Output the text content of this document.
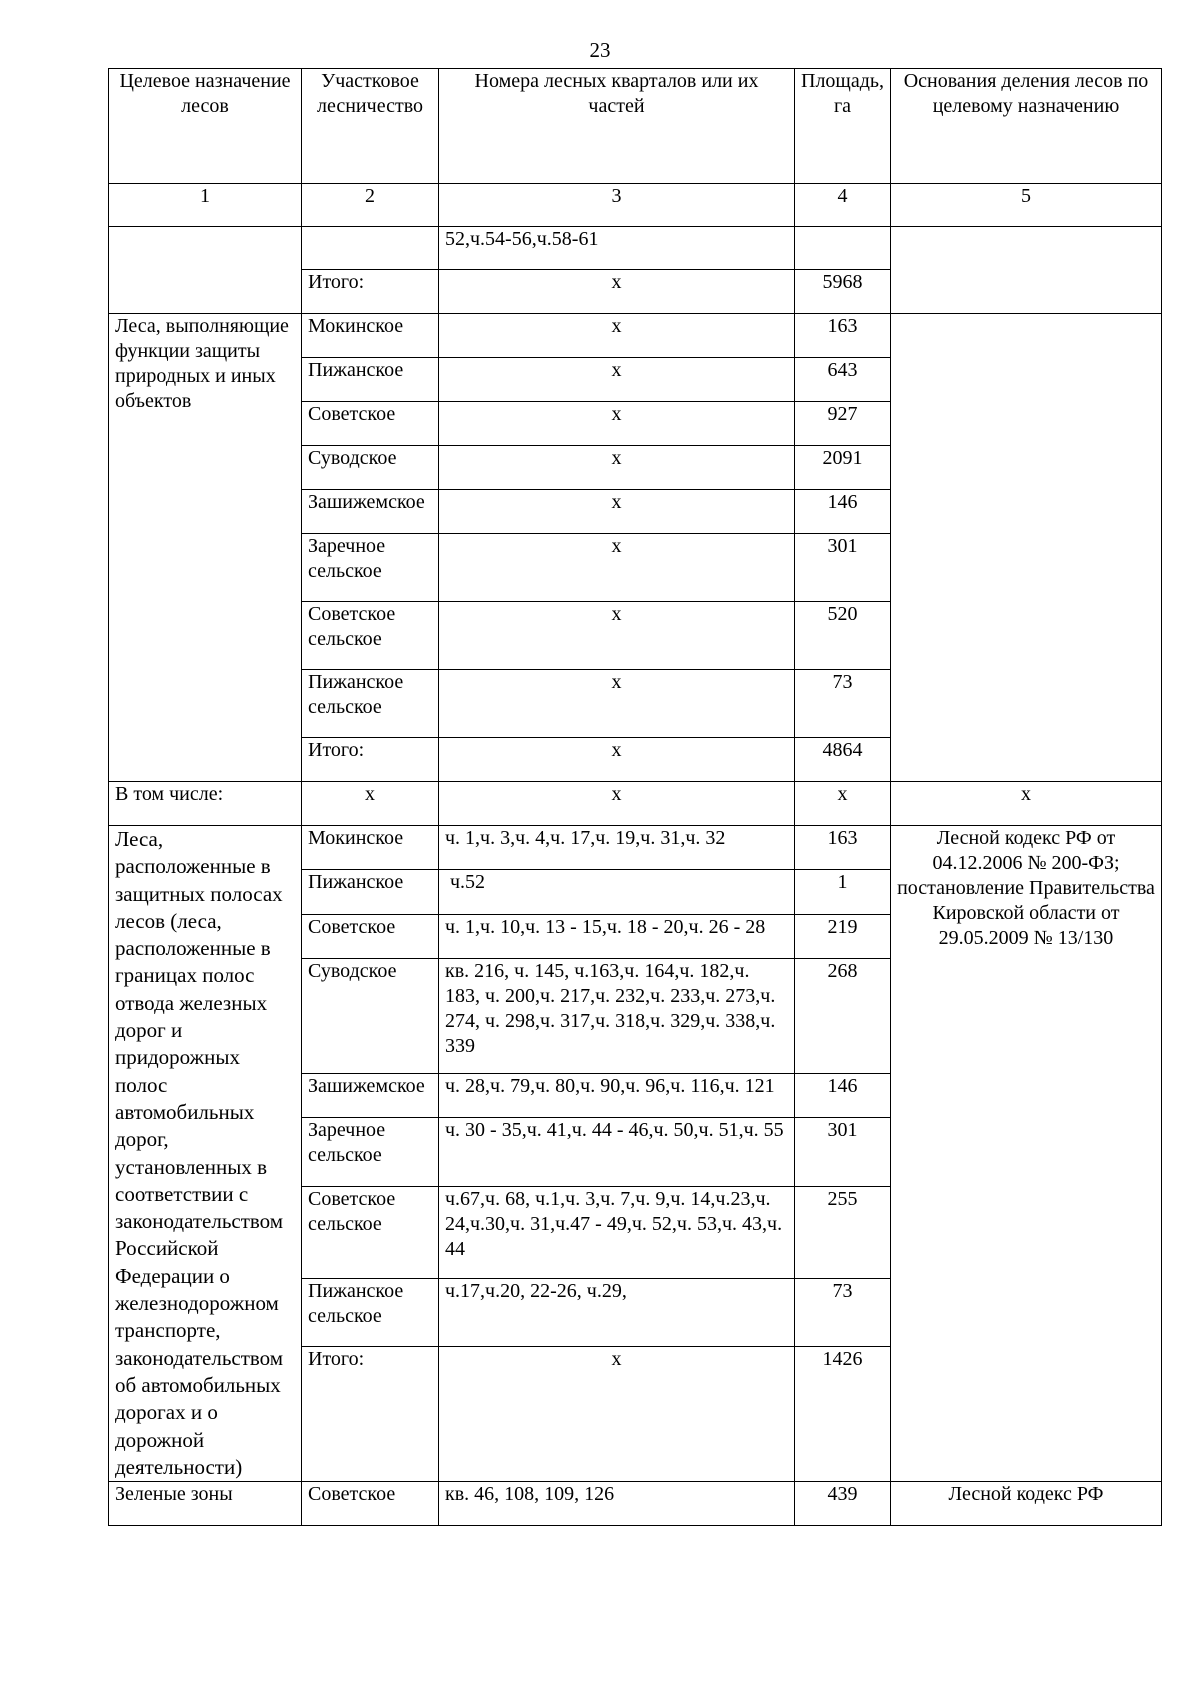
23
Целевое назначение лесов	Участковое лесничество	Номера лесных кварталов или их частей	Площадь, га	Основания деления лесов по целевому назначению
1	2	3	4	5
		52,ч.54-56,ч.58-61		
	Итого:	х	5968	
Леса, выполняющие функции защиты природных и иных объектов	Мокинское	х	163	
	Пижанское	х	643	
	Советское	х	927	
	Суводское	х	2091	
	Зашижемское	х	146	
	Заречное сельское	х	301	
	Советское сельское	х	520	
	Пижанское сельское	х	73	
	Итого:	х	4864	
В том числе:	х	х	х	х
Леса, расположенные в защитных полосах лесов (леса, расположенные в границах полос отвода железных дорог и придорожных полос автомобильных дорог, установленных в соответствии с законодательством Российской Федерации о железнодорожном транспорте, законодательством об автомобильных дорогах и о дорожной деятельности)	Мокинское	ч. 1,ч. 3,ч. 4,ч. 17,ч. 19,ч. 31,ч. 32	163	Лесной кодекс РФ от 04.12.2006 № 200-ФЗ; постановление Правительства Кировской области от 29.05.2009 № 13/130
	Пижанское	ч.52	1	
	Советское	ч. 1,ч. 10,ч. 13 - 15,ч. 18 - 20,ч. 26 - 28	219	
	Суводское	кв. 216, ч. 145, ч.163,ч. 164,ч. 182,ч. 183, ч. 200,ч. 217,ч. 232,ч. 233,ч. 273,ч. 274, ч. 298,ч. 317,ч. 318,ч. 329,ч. 338,ч. 339	268	
	Зашижемское	ч. 28,ч. 79,ч. 80,ч. 90,ч. 96,ч. 116,ч. 121	146	
	Заречное сельское	ч. 30 - 35,ч. 41,ч. 44 - 46,ч. 50,ч. 51,ч. 55	301	
	Советское сельское	ч.67,ч. 68, ч.1,ч. 3,ч. 7,ч. 9,ч. 14,ч.23,ч. 24,ч.30,ч. 31,ч.47 - 49,ч. 52,ч. 53,ч. 43,ч. 44	255	
	Пижанское сельское	ч.17,ч.20, 22-26, ч.29,	73	
	Итого:	х	1426	
Зеленые зоны	Советское	кв. 46, 108, 109, 126	439	Лесной кодекс РФ
